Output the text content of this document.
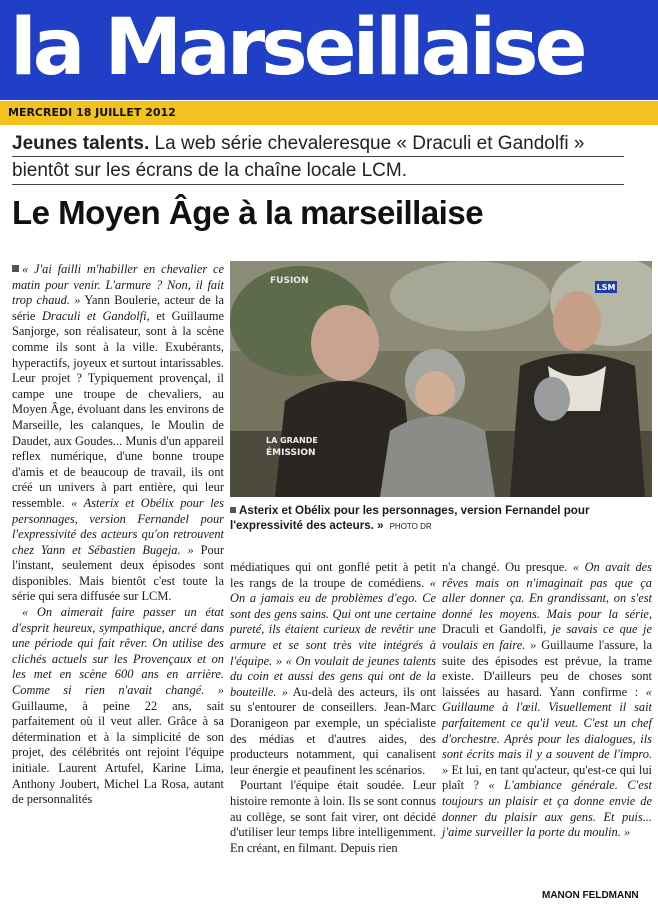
la Marseillaise
MERCREDI 18 JUILLET 2012
Jeunes talents. La web série chevaleresque « Draculi et Gandolfi » bientôt sur les écrans de la chaîne locale LCM.
Le Moyen Âge à la marseillaise

« J'ai failli m'habiller en chevalier ce matin pour venir. L'armure ? Non, il fait trop chaud. » Yann Boulerie, acteur de la série Draculi et Gandolfi, et Guillaume Sanjorge, son réalisateur, sont à la scène comme ils sont à la ville. Exubérants, hyperactifs, joyeux et surtout intarissables. Leur projet ? Typiquement provençal, il campe une troupe de chevaliers, au Moyen Âge, évoluant dans les environs de Marseille, les calanques, le Moulin de Daudet, aux Goudes... Munis d'un appareil reflex numérique, d'une bonne troupe d'amis et de beaucoup de travail, ils ont créé un univers à part entière, qui leur ressemble. « Asterix et Obélix pour les personnages, version Fernandel pour l'expressivité des acteurs qu'on retrouvent chez Yann et Sébastien Bugeja. » Pour l'instant, seulement deux épisodes sont disponibles. Mais bientôt c'est toute la série qui sera diffusée sur LCM.

« On aimerait faire passer un état d'esprit heureux, sympathique, ancré dans une période qui fait rêver. On utilise des clichés actuels sur les Provençaux et on les met en scène 600 ans en arrière. Comme si rien n'avait changé. » Guillaume, à peine 22 ans, sait parfaitement où il veut aller. Grâce à sa détermination et à la simplicité de son projet, des célébrités ont rejoint l'équipe initiale. Laurent Artufel, Karine Lima, Anthony Joubert, Michel La Rosa, autant de personnalités

LSM
FUSION
LA GRANDE
ÉMISSION
Asterix et Obélix pour les personnages, version Fernandel pour l'expressivité des acteurs. » PHOTO DR

médiatiques qui ont gonflé petit à petit les rangs de la troupe de comédiens. « On a jamais eu de problèmes d'ego. Ce sont des gens sains. Qui ont une certaine pureté, ils étaient curieux de revêtir une armure et se sont très vite intégrés à l'équipe. » « On voulait de jeunes talents du coin et aussi des gens qui ont de la bouteille. » Au-delà des acteurs, ils ont su s'entourer de conseillers. Jean-Marc Doranigeon par exemple, un spécialiste des médias et d'autres aides, des producteurs notamment, qui canalisent leur énergie et peaufinent les scénarios.

Pourtant l'équipe était soudée. Leur histoire remonte à loin. Ils se sont connus au collège, se sont fait virer, ont décidé d'utiliser leur temps libre intelligemment. En créant, en filmant. Depuis rien

n'a changé. Ou presque. « On avait des rêves mais on n'imaginait pas que ça aller donner ça. En grandissant, on s'est donné les moyens. Mais pour la série, Draculi et Gandolfi, je savais ce que je voulais en faire. » Guillaume l'assure, la suite des épisodes est prévue, la trame existe. D'ailleurs peu de choses sont laissées au hasard. Yann confirme : « Guillaume à l'œil. Visuellement il sait parfaitement ce qu'il veut. C'est un chef d'orchestre. Après pour les dialogues, ils sont écrits mais il y a souvent de l'impro. » Et lui, en tant qu'acteur, qu'est-ce qui lui plaît ? « L'ambiance générale. C'est toujours un plaisir et ça donne envie de donner du plaisir aux gens. Et puis... j'aime surveiller la porte du moulin. »

MANON FELDMANN
